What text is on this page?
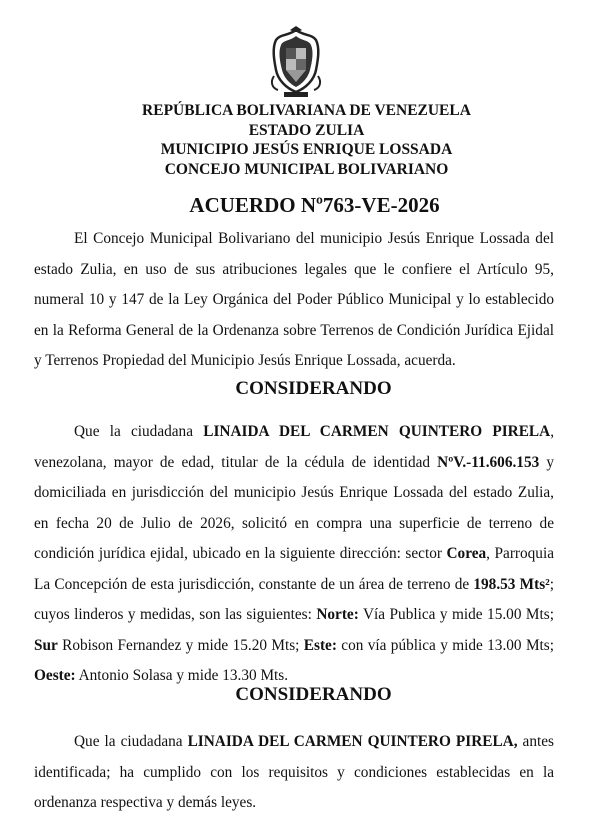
REPÚBLICA BOLIVARIANA DE VENEZUELA
ESTADO ZULIA
MUNICIPIO JESÚS ENRIQUE LOSSADA
CONCEJO MUNICIPAL BOLIVARIANO
ACUERDO Nº763-VE-2026
El Concejo Municipal Bolivariano del municipio Jesús Enrique Lossada del estado Zulia, en uso de sus atribuciones legales que le confiere el Artículo 95, numeral 10 y 147 de la Ley Orgánica del Poder Público Municipal y lo establecido en la Reforma General de la Ordenanza sobre Terrenos de Condición Jurídica Ejidal y Terrenos Propiedad del Municipio Jesús Enrique Lossada, acuerda.
CONSIDERANDO
Que la ciudadana LINAIDA DEL CARMEN QUINTERO PIRELA, venezolana, mayor de edad, titular de la cédula de identidad NºV.-11.606.153 y domiciliada en jurisdicción del municipio Jesús Enrique Lossada del estado Zulia, en fecha 20 de Julio de 2026, solicitó en compra una superficie de terreno de condición jurídica ejidal, ubicado en la siguiente dirección: sector Corea, Parroquia La Concepción de esta jurisdicción, constante de un área de terreno de 198.53 Mts²; cuyos linderos y medidas, son las siguientes: Norte: Vía Publica y mide 15.00 Mts; Sur Robison Fernandez y mide 15.20 Mts; Este: con vía pública y mide 13.00 Mts; Oeste: Antonio Solasa y mide 13.30 Mts.
CONSIDERANDO
Que la ciudadana LINAIDA DEL CARMEN QUINTERO PIRELA, antes identificada; ha cumplido con los requisitos y condiciones establecidas en la ordenanza respectiva y demás leyes.
